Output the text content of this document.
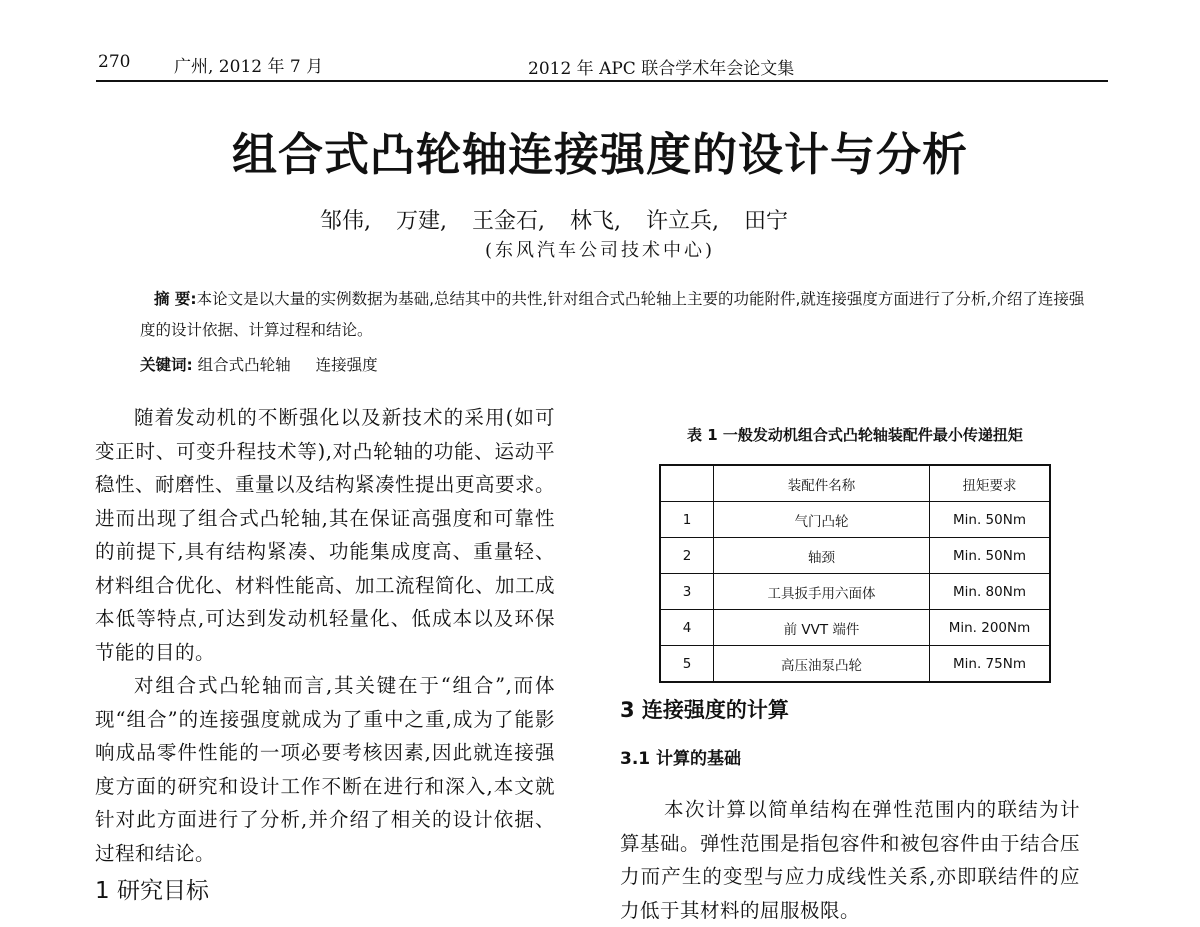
270	广州, 2012 年 7 月	2012 年 APC 联合学术年会论文集
组合式凸轮轴连接强度的设计与分析
邹伟, 万建, 王金石, 林飞, 许立兵, 田宁
(东风汽车公司技术中心)

摘 要:本论文是以大量的实例数据为基础,总结其中的共性,针对组合式凸轮轴上主要的功能附件,就连接强度方面进行了分析,介绍了连接强度的设计依据、计算过程和结论。

关键词: 组合式凸轮轴 连接强度

随着发动机的不断强化以及新技术的采用(如可变正时、可变升程技术等),对凸轮轴的功能、运动平稳性、耐磨性、重量以及结构紧凑性提出更高要求。进而出现了组合式凸轮轴,其在保证高强度和可靠性的前提下,具有结构紧凑、功能集成度高、重量轻、材料组合优化、材料性能高、加工流程简化、加工成本低等特点,可达到发动机轻量化、低成本以及环保节能的目的。

对组合式凸轮轴而言,其关键在于“组合”,而体现“组合”的连接强度就成为了重中之重,成为了能影响成品零件性能的一项必要考核因素,因此就连接强度方面的研究和设计工作不断在进行和深入,本文就针对此方面进行了分析,并介绍了相关的设计依据、过程和结论。

1 研究目标
表 1 一般发动机组合式凸轮轴装配件最小传递扭矩
	装配件名称	扭矩要求
1	气门凸轮	Min. 50Nm
2	轴颈	Min. 50Nm
3	工具扳手用六面体	Min. 80Nm
4	前 VVT 端件	Min. 200Nm
5	高压油泵凸轮	Min. 75Nm
3 连接强度的计算
3.1 计算的基础

本次计算以简单结构在弹性范围内的联结为计算基础。弹性范围是指包容件和被包容件由于结合压力而产生的变型与应力成线性关系,亦即联结件的应力低于其材料的屈服极限。
